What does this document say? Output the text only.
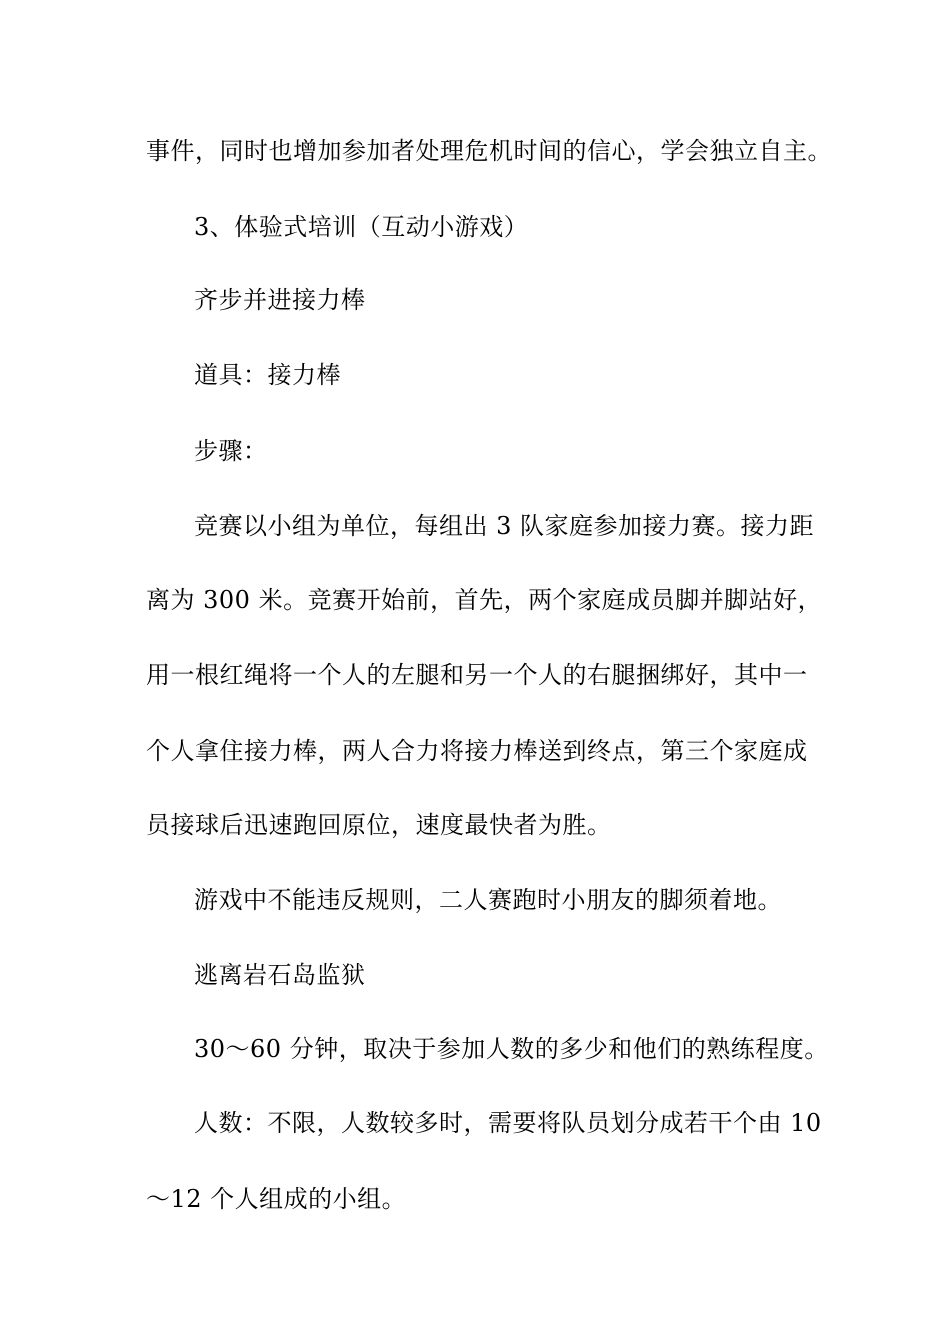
事件，同时也增加参加者处理危机时间的信心，学会独立自主。
3、体验式培训（互动小游戏）
齐步并进接力棒
道具：接力棒
步骤：
竞赛以小组为单位，每组出 3 队家庭参加接力赛。接力距
离为 300 米。竞赛开始前，首先，两个家庭成员脚并脚站好，
用一根红绳将一个人的左腿和另一个人的右腿捆绑好，其中一
个人拿住接力棒，两人合力将接力棒送到终点，第三个家庭成
员接球后迅速跑回原位，速度最快者为胜。
游戏中不能违反规则，二人赛跑时小朋友的脚须着地。
逃离岩石岛监狱
30～60 分钟，取决于参加人数的多少和他们的熟练程度。
人数：不限，人数较多时，需要将队员划分成若干个由 10
～12 个人组成的小组。
